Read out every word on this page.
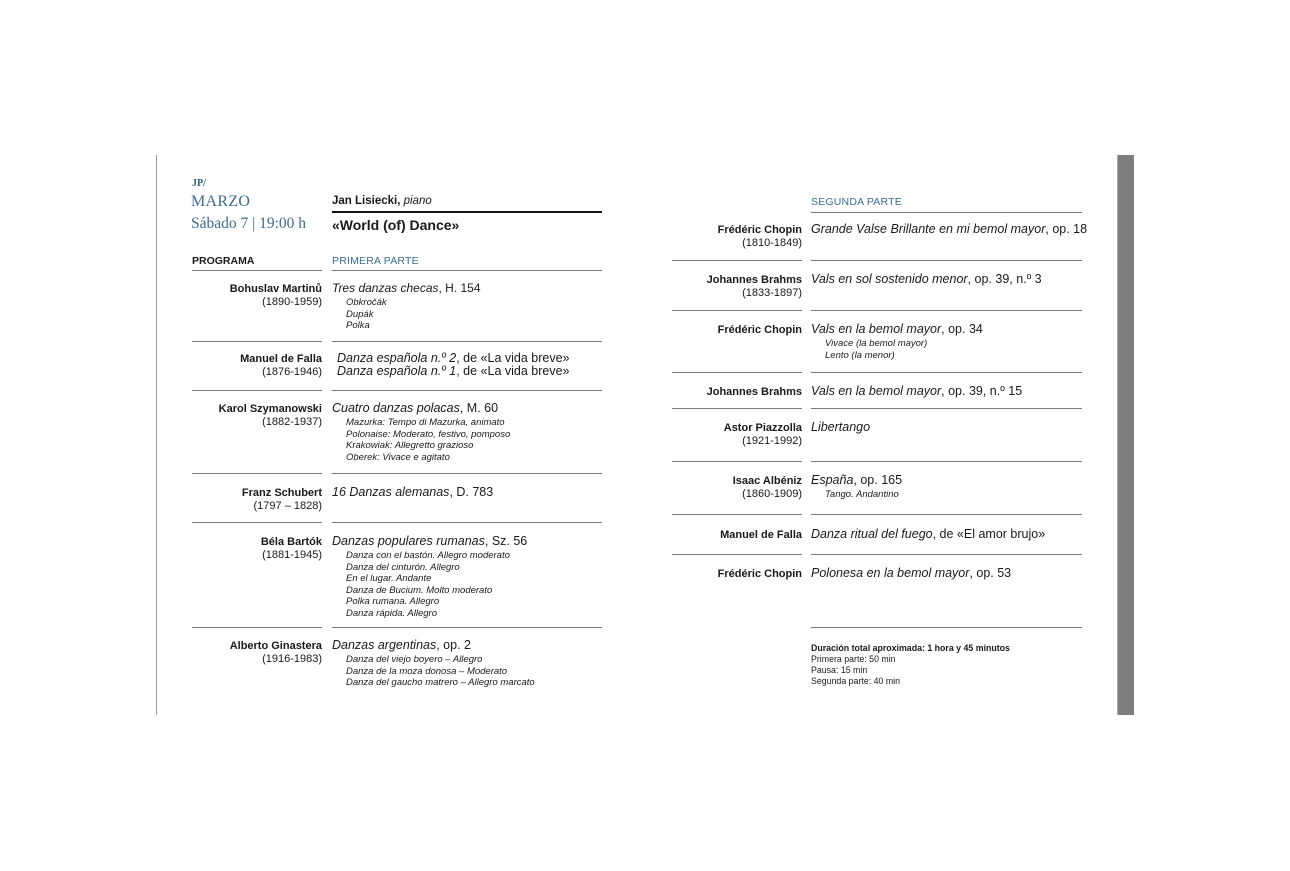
JP/
MARZO
Sábado 7 | 19:00 h
Jan Lisiecki, piano
«World (of) Dance»
PROGRAMA	PRIMERA PARTE
SEGUNDA PARTE
Bohuslav Martinů
(1890-1959)
Tres danzas checas, H. 154
Obkročák
Dupák
Polka
Manuel de Falla
(1876-1946)
Danza española n.º 2, de «La vida breve»
Danza española n.º 1, de «La vida breve»
Karol Szymanowski
(1882-1937)
Cuatro danzas polacas, M. 60
Mazurka: Tempo di Mazurka, animato
Polonaise: Moderato, festivo, pomposo
Krakowiak: Allegretto grazioso
Oberek: Vivace e agitato
Franz Schubert
(1797 – 1828)
16 Danzas alemanas, D. 783
Béla Bartók
(1881-1945)
Danzas populares rumanas, Sz. 56
Danza con el bastón. Allegro moderato
Danza del cinturón. Allegro
En el lugar. Andante
Danza de Bucium. Molto moderato
Polka rumana. Allegro
Danza rápida. Allegro
Alberto Ginastera
(1916-1983)
Danzas argentinas, op. 2
Danza del viejo boyero – Allegro
Danza de la moza donosa – Moderato
Danza del gaucho matrero – Allegro marcato
Frédéric Chopin
(1810-1849)
Grande Valse Brillante en mi bemol mayor, op. 18
Johannes Brahms
(1833-1897)
Vals en sol sostenido menor, op. 39, n.º 3
Frédéric Chopin Vals en la bemol mayor, op. 34
Vivace (la bemol mayor)
Lento (la menor)
Johannes Brahms Vals en la bemol mayor, op. 39, n.º 15
Astor Piazzolla
(1921-1992)
Libertango
Isaac Albéniz
(1860-1909)
España, op. 165
Tango. Andantino
Manuel de Falla Danza ritual del fuego, de «El amor brujo»
Frédéric Chopin Polonesa en la bemol mayor, op. 53
Duración total aproximada: 1 hora y 45 minutos
Primera parte: 50 min
Pausa: 15 min
Segunda parte: 40 min
